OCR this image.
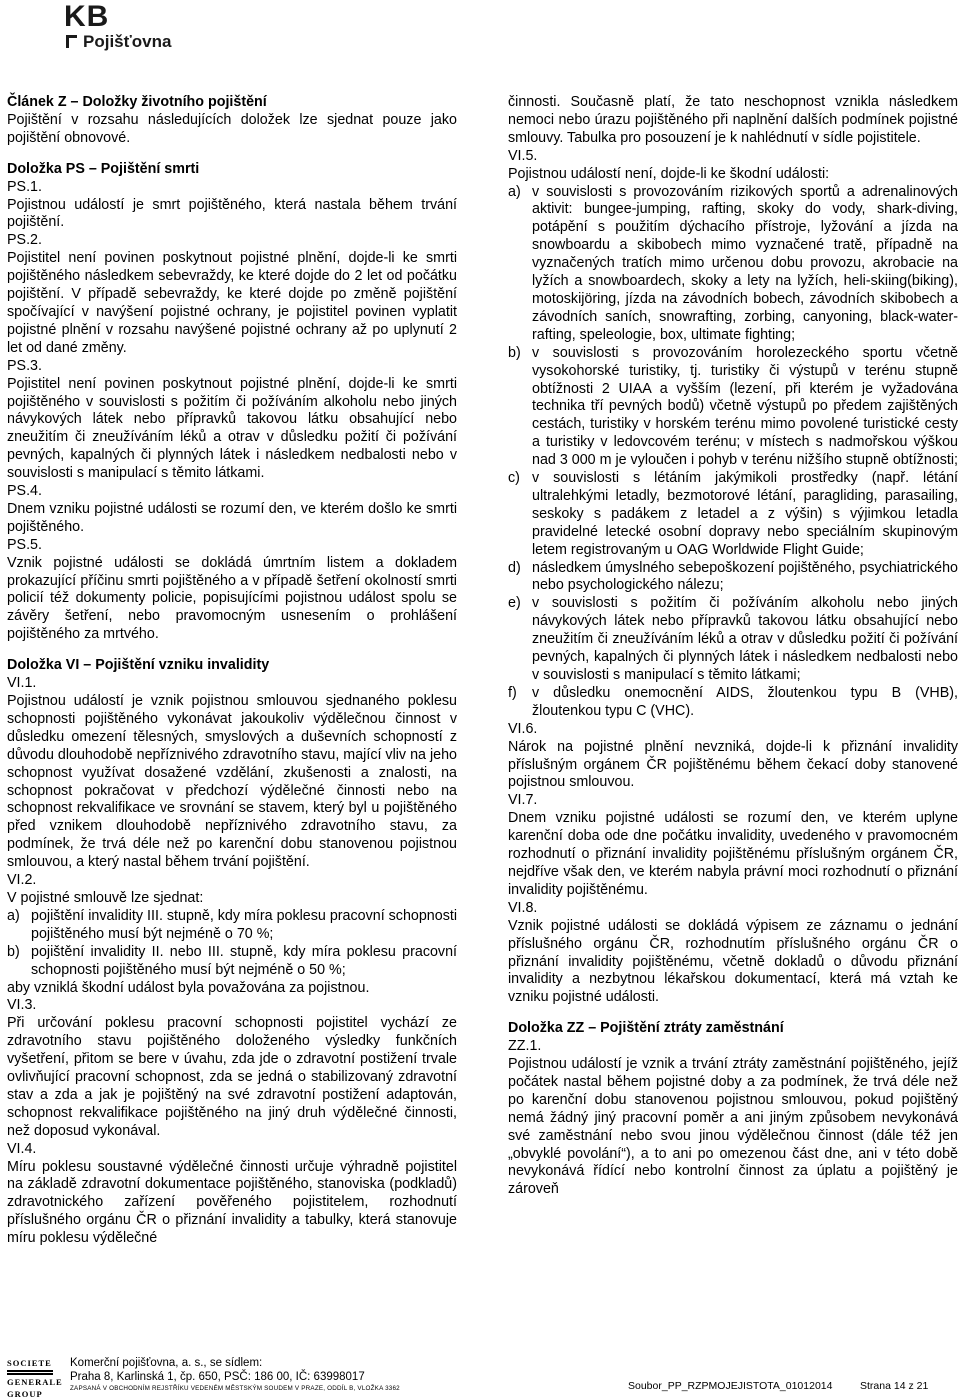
KB
Pojišťovna

Článek Z – Doložky životního pojištění

Pojištění v rozsahu následujících doložek lze sjednat pouze jako pojištění obnovové.

Doložka PS – Pojištění smrti

PS.1.

Pojistnou událostí je smrt pojištěného, která nastala během trvání pojištění.

PS.2.

Pojistitel není povinen poskytnout pojistné plnění, dojde-li ke smrti pojištěného následkem sebevraždy, ke které dojde do 2 let od počátku pojištění. V případě sebevraždy, ke které dojde po změně pojištění spočívající v navýšení pojistné ochrany, je pojistitel povinen vyplatit pojistné plnění v rozsahu navýšené pojistné ochrany až po uplynutí 2 let od dané změny.

PS.3.

Pojistitel není povinen poskytnout pojistné plnění, dojde-li ke smrti pojištěného v souvislosti s požitím či požíváním alkoholu nebo jiných návykových látek nebo přípravků takovou látku obsahující nebo zneužitím či zneužíváním léků a otrav v důsledku požití či požívání pevných, kapalných či plynných látek i následkem nedbalosti nebo v souvislosti s manipulací s těmito látkami.

PS.4.

Dnem vzniku pojistné události se rozumí den, ve kterém došlo ke smrti pojištěného.

PS.5.

Vznik pojistné události se dokládá úmrtním listem a dokladem prokazující příčinu smrti pojištěného a v případě šetření okolností smrti policií též dokumenty policie, popisujícími pojistnou událost spolu se závěry šetření, nebo pravomocným usnesením o prohlášení pojištěného za mrtvého.

Doložka VI – Pojištění vzniku invalidity

VI.1.

Pojistnou událostí je vznik pojistnou smlouvou sjednaného poklesu schopnosti pojištěného vykonávat jakoukoliv výdělečnou činnost v důsledku omezení tělesných, smyslových a duševních schopností z důvodu dlouhodobě nepříznivého zdravotního stavu, mající vliv na jeho schopnost využívat dosažené vzdělání, zkušenosti a znalosti, na schopnost pokračovat v předchozí výdělečné činnosti nebo na schopnost rekvalifikace ve srovnání se stavem, který byl u pojištěného před vznikem dlouhodobě nepříznivého zdravotního stavu, za podmínek, že trvá déle než po karenční dobu stanovenou pojistnou smlouvou, a který nastal během trvání pojištění.

VI.2.

V pojistné smlouvě lze sjednat:

a) pojištění invalidity III. stupně, kdy míra poklesu pracovní schopnosti pojištěného musí být nejméně o 70 %;
b) pojištění invalidity II. nebo III. stupně, kdy míra poklesu pracovní schopnosti pojištěného musí být nejméně o 50 %;

aby vzniklá škodní událost byla považována za pojistnou.

VI.3.

Při určování poklesu pracovní schopnosti pojistitel vychází ze zdravotního stavu pojištěného doloženého výsledky funkčních vyšetření, přitom se bere v úvahu, zda jde o zdravotní postižení trvale ovlivňující pracovní schopnost, zda se jedná o stabilizovaný zdravotní stav a zda a jak je pojištěný na své zdravotní postižení adaptován, schopnost rekvalifikace pojištěného na jiný druh výdělečné činnosti, než doposud vykonával.

VI.4.

Míru poklesu soustavné výdělečné činnosti určuje výhradně pojistitel na základě zdravotní dokumentace pojištěného, stanoviska (podkladů) zdravotnického zařízení pověřeného pojistitelem, rozhodnutí příslušného orgánu ČR o přiznání invalidity a tabulky, která stanovuje míru poklesu výdělečné

činnosti. Současně platí, že tato neschopnost vznikla následkem nemoci nebo úrazu pojištěného při naplnění dalších podmínek pojistné smlouvy. Tabulka pro posouzení je k nahlédnutí v sídle pojistitele.

VI.5.

Pojistnou událostí není, dojde-li ke škodní události:

a) v souvislosti s provozováním rizikových sportů a adrenalinových aktivit: bungee-jumping, rafting, skoky do vody, shark-diving, potápění s použitím dýchacího přístroje, lyžování a jízda na snowboardu a skibobech mimo vyznačené tratě, případně na vyznačených tratích mimo určenou dobu provozu, akrobacie na lyžích a snowboardech, skoky a lety na lyžích, heli-skiing(biking), motoskijöring, jízda na závodních bobech, závodních skibobech a závodních saních, snowrafting, zorbing, canyoning, black-water-rafting, speleologie, box, ultimate fighting;
b) v souvislosti s provozováním horolezeckého sportu včetně vysokohorské turistiky, tj. turistiky či výstupů v terénu stupně obtížnosti 2 UIAA a vyšším (lezení, při kterém je vyžadována technika tří pevných bodů) včetně výstupů po předem zajištěných cestách, turistiky v horském terénu mimo povolené turistické cesty a turistiky v ledovcovém terénu; v místech s nadmořskou výškou nad 3 000 m je vyloučen i pohyb v terénu nižšího stupně obtížnosti;
c) v souvislosti s létáním jakýmikoli prostředky (např. létání ultralehkými letadly, bezmotorové létání, paragliding, parasailing, seskoky s padákem z letadel a z výšin) s výjimkou letadla pravidelné letecké osobní dopravy nebo speciálním skupinovým letem registrovaným u OAG Worldwide Flight Guide;
d) následkem úmyslného sebepoškození pojištěného, psychiatrického nebo psychologického nálezu;
e) v souvislosti s požitím či požíváním alkoholu nebo jiných návykových látek nebo přípravků takovou látku obsahující nebo zneužitím či zneužíváním léků a otrav v důsledku požití či požívání pevných, kapalných či plynných látek i následkem nedbalosti nebo v souvislosti s manipulací s těmito látkami;
f) v důsledku onemocnění AIDS, žloutenkou typu B (VHB), žloutenkou typu C (VHC).

VI.6.

Nárok na pojistné plnění nevzniká, dojde-li k přiznání invalidity příslušným orgánem ČR pojištěnému během čekací doby stanovené pojistnou smlouvou.

VI.7.

Dnem vzniku pojistné události se rozumí den, ve kterém uplyne karenční doba ode dne počátku invalidity, uvedeného v pravomocném rozhodnutí o přiznání invalidity pojištěnému příslušným orgánem ČR, nejdříve však den, ve kterém nabyla právní moci rozhodnutí o přiznání invalidity pojištěnému.

VI.8.

Vznik pojistné události se dokládá výpisem ze záznamu o jednání příslušného orgánu ČR, rozhodnutím příslušného orgánu ČR o přiznání invalidity pojištěnému, včetně dokladů o důvodu přiznání invalidity a nezbytnou lékařskou dokumentací, která má vztah ke vzniku pojistné události.

Doložka ZZ – Pojištění ztráty zaměstnání

ZZ.1.

Pojistnou událostí je vznik a trvání ztráty zaměstnání pojištěného, jejíž počátek nastal během pojistné doby a za podmínek, že trvá déle než po karenční dobu stanovenou pojistnou smlouvou, pokud pojištěný nemá žádný jiný pracovní poměr a ani jiným způsobem nevykonává své zaměstnání nebo svou jinou výdělečnou činnost (dále též jen „obvyklé povolání“), a to ani po omezenou část dne, ani v této době nevykonává řídící nebo kontrolní činnost za úplatu a pojištěný je zároveň

SOCIETE
GENERALE
GROUP
Komerční pojišťovna, a. s., se sídlem:
Praha 8, Karlinská 1, čp. 650, PSČ: 186 00, IČ: 63998017
ZAPSANÁ V OBCHODNÍM REJSTŘÍKU VEDENÉM MĚSTSKÝM SOUDEM V PRAZE, ODDÍL B, VLOŽKA 3362	Soubor_PP_RZPMOJEJISTOTA_01012014	Strana 14 z 21
